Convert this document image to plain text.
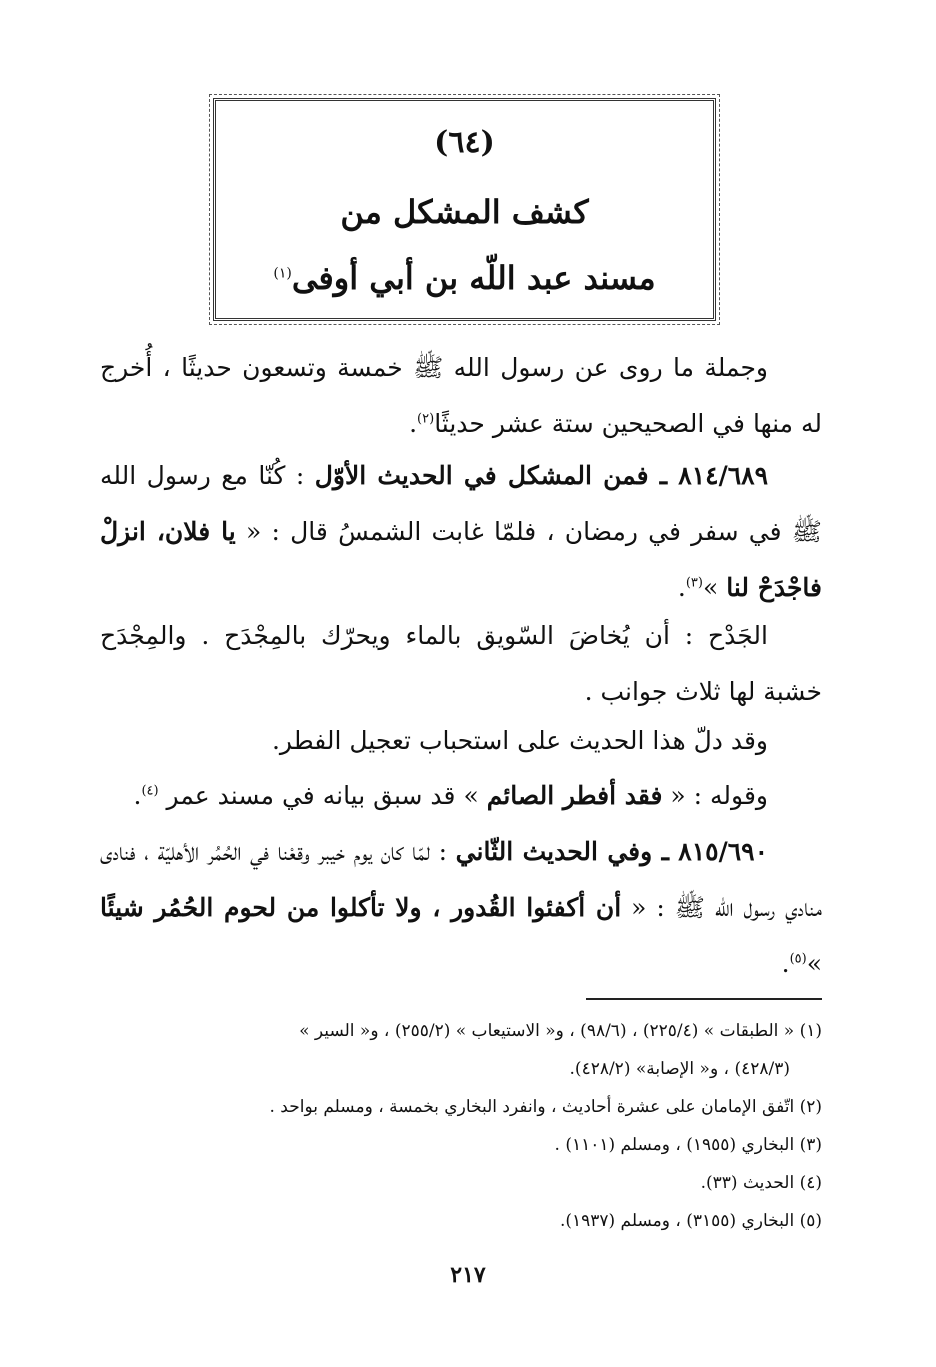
(٦٤)
كشف المشكل من
مسند عبد اللّه بن أبي أوفى$^{(١)}$

وجملة ما روى عن رسول الله ﷺ خمسة وتسعون حديثًا ، أُخرج له منها في الصحيحين ستة عشر حديثًا$^{(٢)}$.

٨١٤/٦٨٩ ـ فمن المشكل في الحديث الأوّل : كُنّا مع رسول الله ﷺ في سفر في رمضان ، فلمّا غابت الشمسُ قال : « يا فلان، انزلْ فاجْدَحْ لنا »$^{(٣)}$.

الجَدْح : أن يُخاضَ السّويق بالماء ويحرّك بالمِجْدَح . والمِجْدَح خشبة لها ثلاث جوانب .

وقد دلّ هذا الحديث على استحباب تعجيل الفطر.

وقوله : « فقد أفطر الصائم » قد سبق بيانه في مسند عمر $^{(٤)}$.

٨١٥/٦٩٠ ـ وفي الحديث الثّاني : لمّا كان يوم خيبر وقعْنا في الحُمُر الأهليّة ، فنادى منادي رسول الله ﷺ : « أن أكفئوا القُدور ، ولا تأكلوا من لحوم الحُمُر شيئًا »$^{(٥)}$.

(١) « الطبقات » (٢٢٥/٤) ، (٩٨/٦) ، و« الاستيعاب » (٢٥٥/٢) ، و« السير »

(٤٢٨/٣) ، و« الإصابة» (٤٢٨/٢).

(٢) اتّفق الإمامان على عشرة أحاديث ، وانفرد البخاري بخمسة ، ومسلم بواحد .

(٣) البخاري (١٩٥٥) ، ومسلم (١١٠١) .

(٤) الحديث (٣٣).

(٥) البخاري (٣١٥٥) ، ومسلم (١٩٣٧).

٢١٧
